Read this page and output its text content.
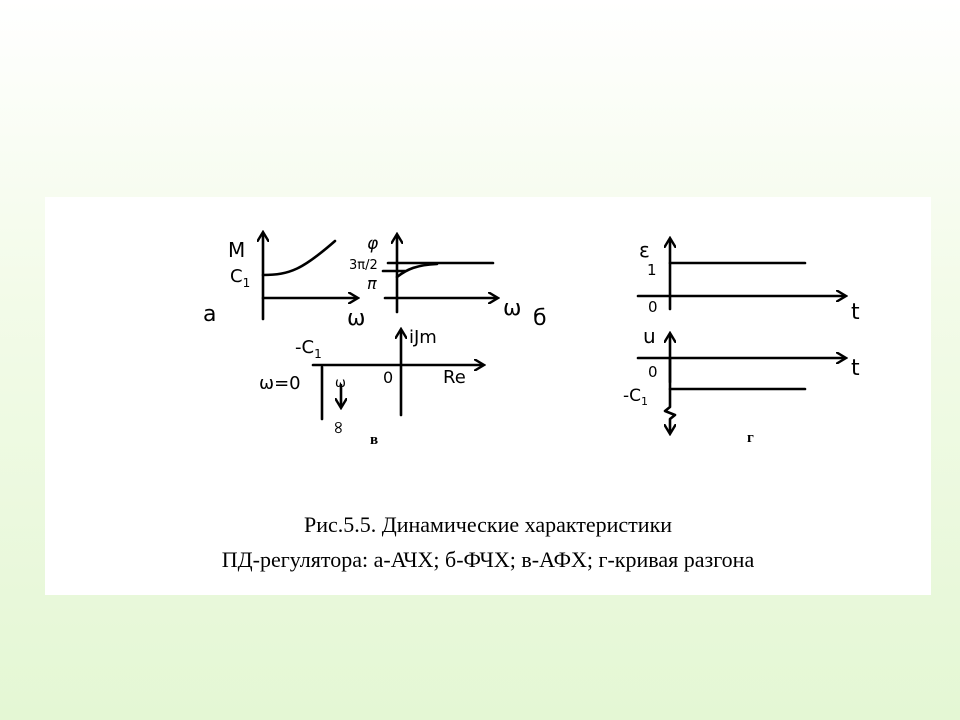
M
ω
$C_1$
а
φ
3π/2
π
ω б
$-C_1$
ω=0	0
iJm
Re
ω
∞
в
ε
1
0	t
u
0
$-C_1$
t
г
Рис.5.5. Динамические характеристики
ПД-регулятора: а-АЧХ; б-ФЧХ; в-АФХ; г-кривая разгона
